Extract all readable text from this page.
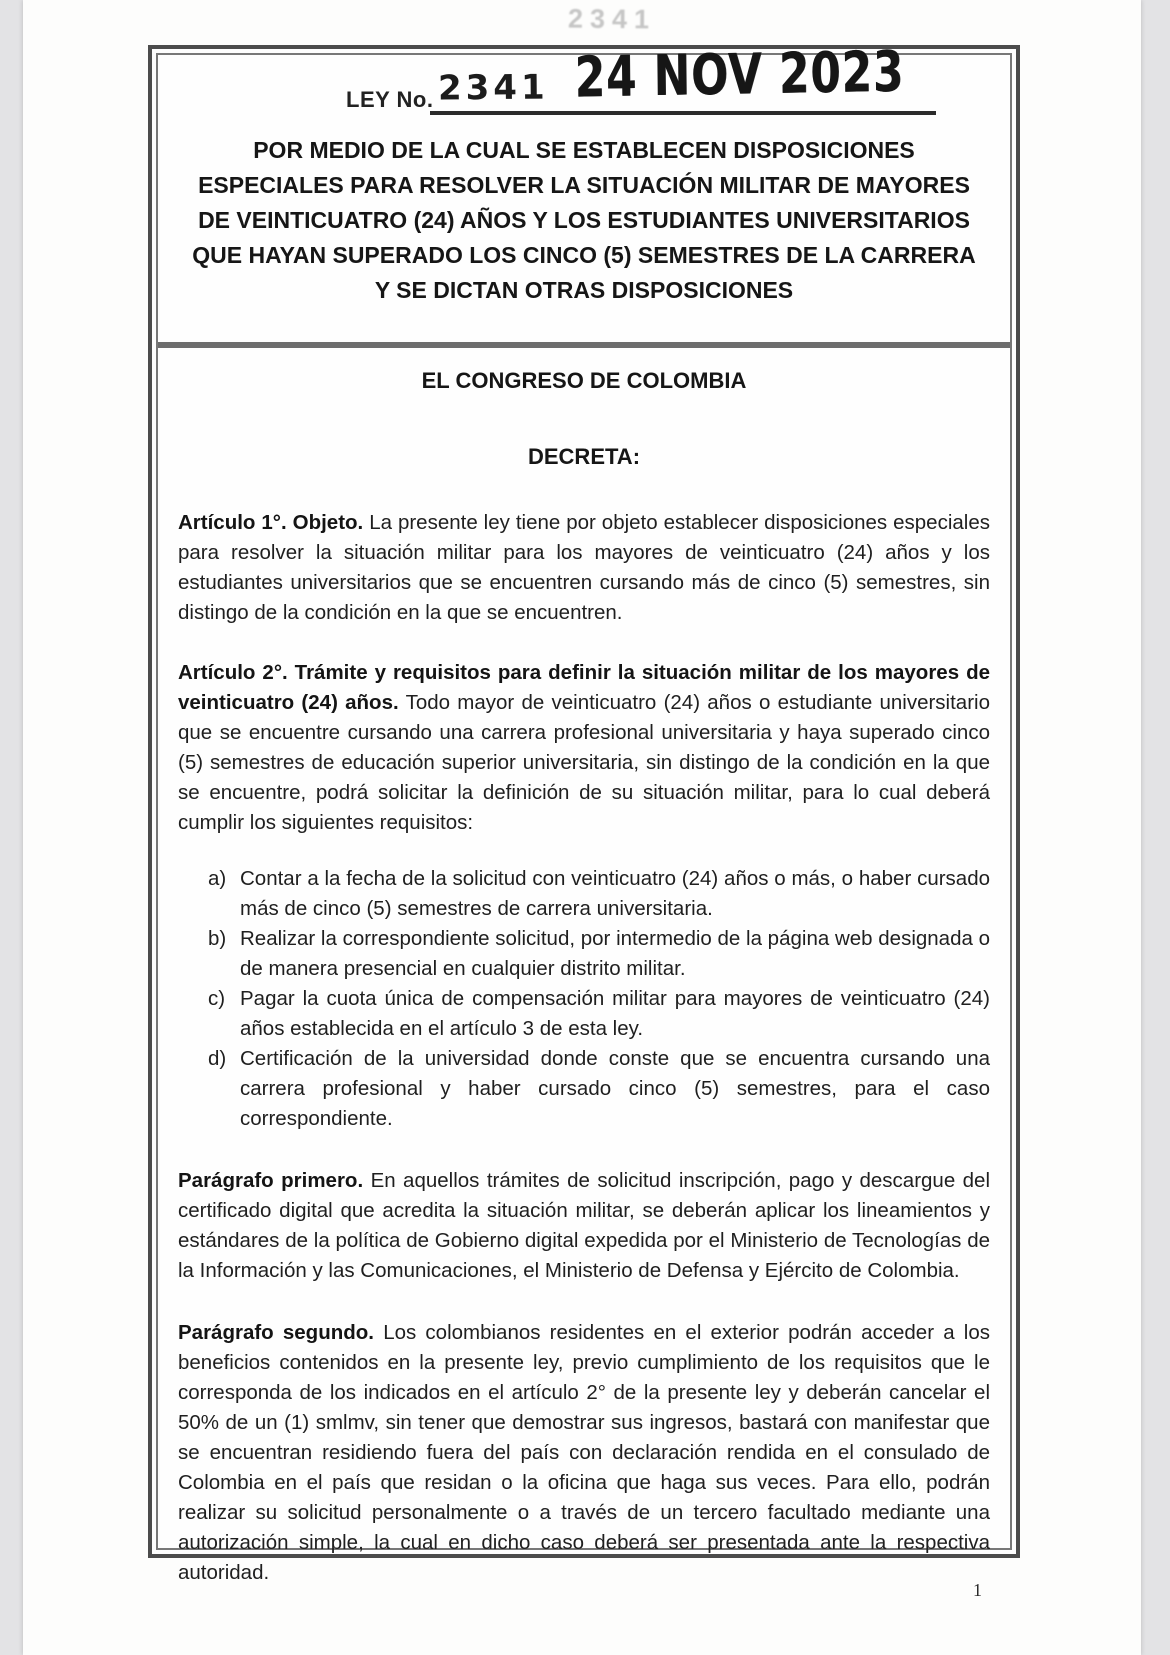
2341
LEY No. 2341 24 NOV 2023
POR MEDIO DE LA CUAL SE ESTABLECEN DISPOSICIONES ESPECIALES PARA RESOLVER LA SITUACIÓN MILITAR DE MAYORES DE VEINTICUATRO (24) AÑOS Y LOS ESTUDIANTES UNIVERSITARIOS QUE HAYAN SUPERADO LOS CINCO (5) SEMESTRES DE LA CARRERA Y SE DICTAN OTRAS DISPOSICIONES
EL CONGRESO DE COLOMBIA
DECRETA:

Artículo 1°. Objeto. La presente ley tiene por objeto establecer disposiciones especiales para resolver la situación militar para los mayores de veinticuatro (24) años y los estudiantes universitarios que se encuentren cursando más de cinco (5) semestres, sin distingo de la condición en la que se encuentren.

Artículo 2°. Trámite y requisitos para definir la situación militar de los mayores de veinticuatro (24) años. Todo mayor de veinticuatro (24) años o estudiante universitario que se encuentre cursando una carrera profesional universitaria y haya superado cinco (5) semestres de educación superior universitaria, sin distingo de la condición en la que se encuentre, podrá solicitar la definición de su situación militar, para lo cual deberá cumplir los siguientes requisitos:

a) Contar a la fecha de la solicitud con veinticuatro (24) años o más, o haber cursado más de cinco (5) semestres de carrera universitaria.
b) Realizar la correspondiente solicitud, por intermedio de la página web designada o de manera presencial en cualquier distrito militar.
c) Pagar la cuota única de compensación militar para mayores de veinticuatro (24) años establecida en el artículo 3 de esta ley.
d) Certificación de la universidad donde conste que se encuentra cursando una carrera profesional y haber cursado cinco (5) semestres, para el caso correspondiente.

Parágrafo primero. En aquellos trámites de solicitud inscripción, pago y descargue del certificado digital que acredita la situación militar, se deberán aplicar los lineamientos y estándares de la política de Gobierno digital expedida por el Ministerio de Tecnologías de la Información y las Comunicaciones, el Ministerio de Defensa y Ejército de Colombia.

Parágrafo segundo. Los colombianos residentes en el exterior podrán acceder a los beneficios contenidos en la presente ley, previo cumplimiento de los requisitos que le corresponda de los indicados en el artículo 2° de la presente ley y deberán cancelar el 50% de un (1) smlmv, sin tener que demostrar sus ingresos, bastará con manifestar que se encuentran residiendo fuera del país con declaración rendida en el consulado de Colombia en el país que residan o la oficina que haga sus veces. Para ello, podrán realizar su solicitud personalmente o a través de un tercero facultado mediante una autorización simple, la cual en dicho caso deberá ser presentada ante la respectiva autoridad.

1
